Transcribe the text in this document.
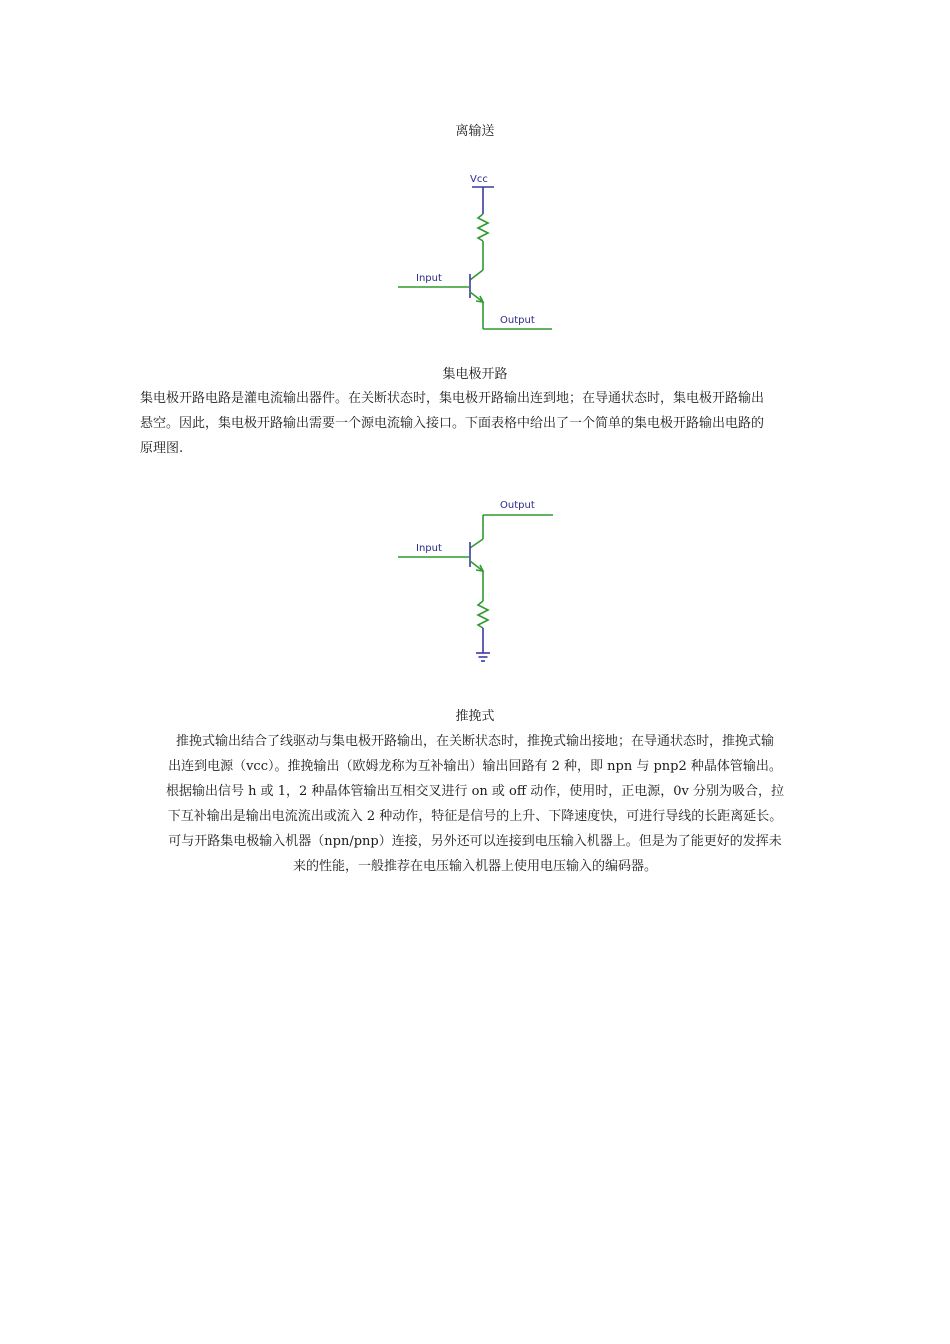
离输送
Vcc
Input
Output
集电极开路
集电极开路电路是灌电流输出器件。在关断状态时，集电极开路输出连到地；在导通状态时，集电极开路输出
悬空。因此，集电极开路输出需要一个源电流输入接口。下面表格中给出了一个简单的集电极开路输出电路的
原理图.
Output
Input
推挽式
推挽式输出结合了线驱动与集电极开路输出，在关断状态时，推挽式输出接地；在导通状态时，推挽式输
出连到电源（vcc）。推挽输出（欧姆龙称为互补输出）输出回路有 2 种，即 npn 与 pnp2 种晶体管输出。
根据输出信号 h 或 1，2 种晶体管输出互相交叉进行 on 或 off 动作，使用时，正电源，0v 分别为吸合，拉
下互补输出是输出电流流出或流入 2 种动作，特征是信号的上升、下降速度快，可进行导线的长距离延长。
可与开路集电极输入机器（npn/pnp）连接，另外还可以连接到电压输入机器上。但是为了能更好的发挥未
来的性能，一般推荐在电压输入机器上使用电压输入的编码器。
